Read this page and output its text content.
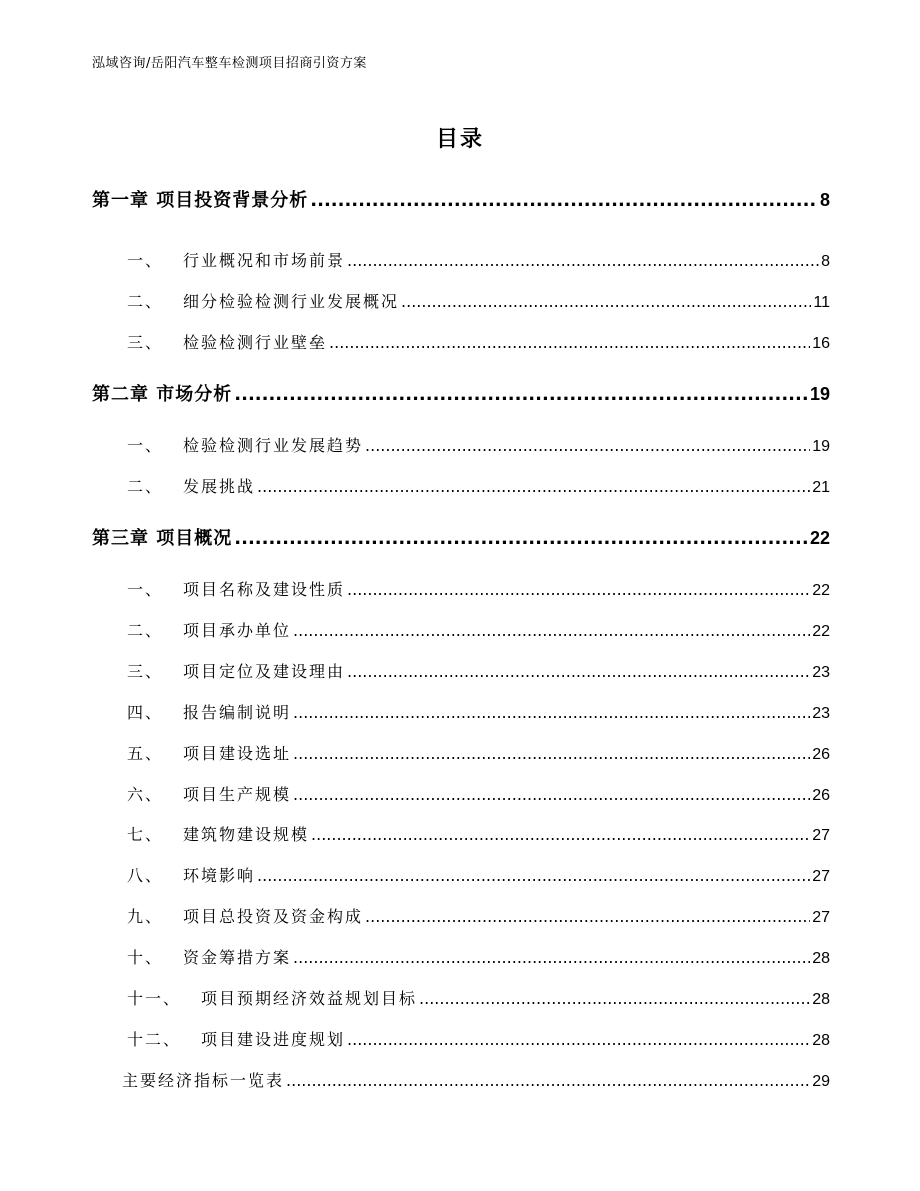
泓域咨询/岳阳汽车整车检测项目招商引资方案
目录
第一章 项目投资背景分析 .....	8
一、 行业概况和市场前景 .....	8
二、 细分检验检测行业发展概况 .....	11
三、 检验检测行业壁垒 .....	16
第二章 市场分析 .....	19
一、 检验检测行业发展趋势 .....	19
二、 发展挑战 .....	21
第三章 项目概况 .....	22
一、 项目名称及建设性质 .....	22
二、 项目承办单位 .....	22
三、 项目定位及建设理由 .....	23
四、 报告编制说明 .....	23
五、 项目建设选址 .....	26
六、 项目生产规模 .....	26
七、 建筑物建设规模 .....	27
八、 环境影响 .....	27
九、 项目总投资及资金构成 .....	27
十、 资金筹措方案 .....	28
十一、 项目预期经济效益规划目标 .....	28
十二、 项目建设进度规划 .....	28
主要经济指标一览表 .....	29
